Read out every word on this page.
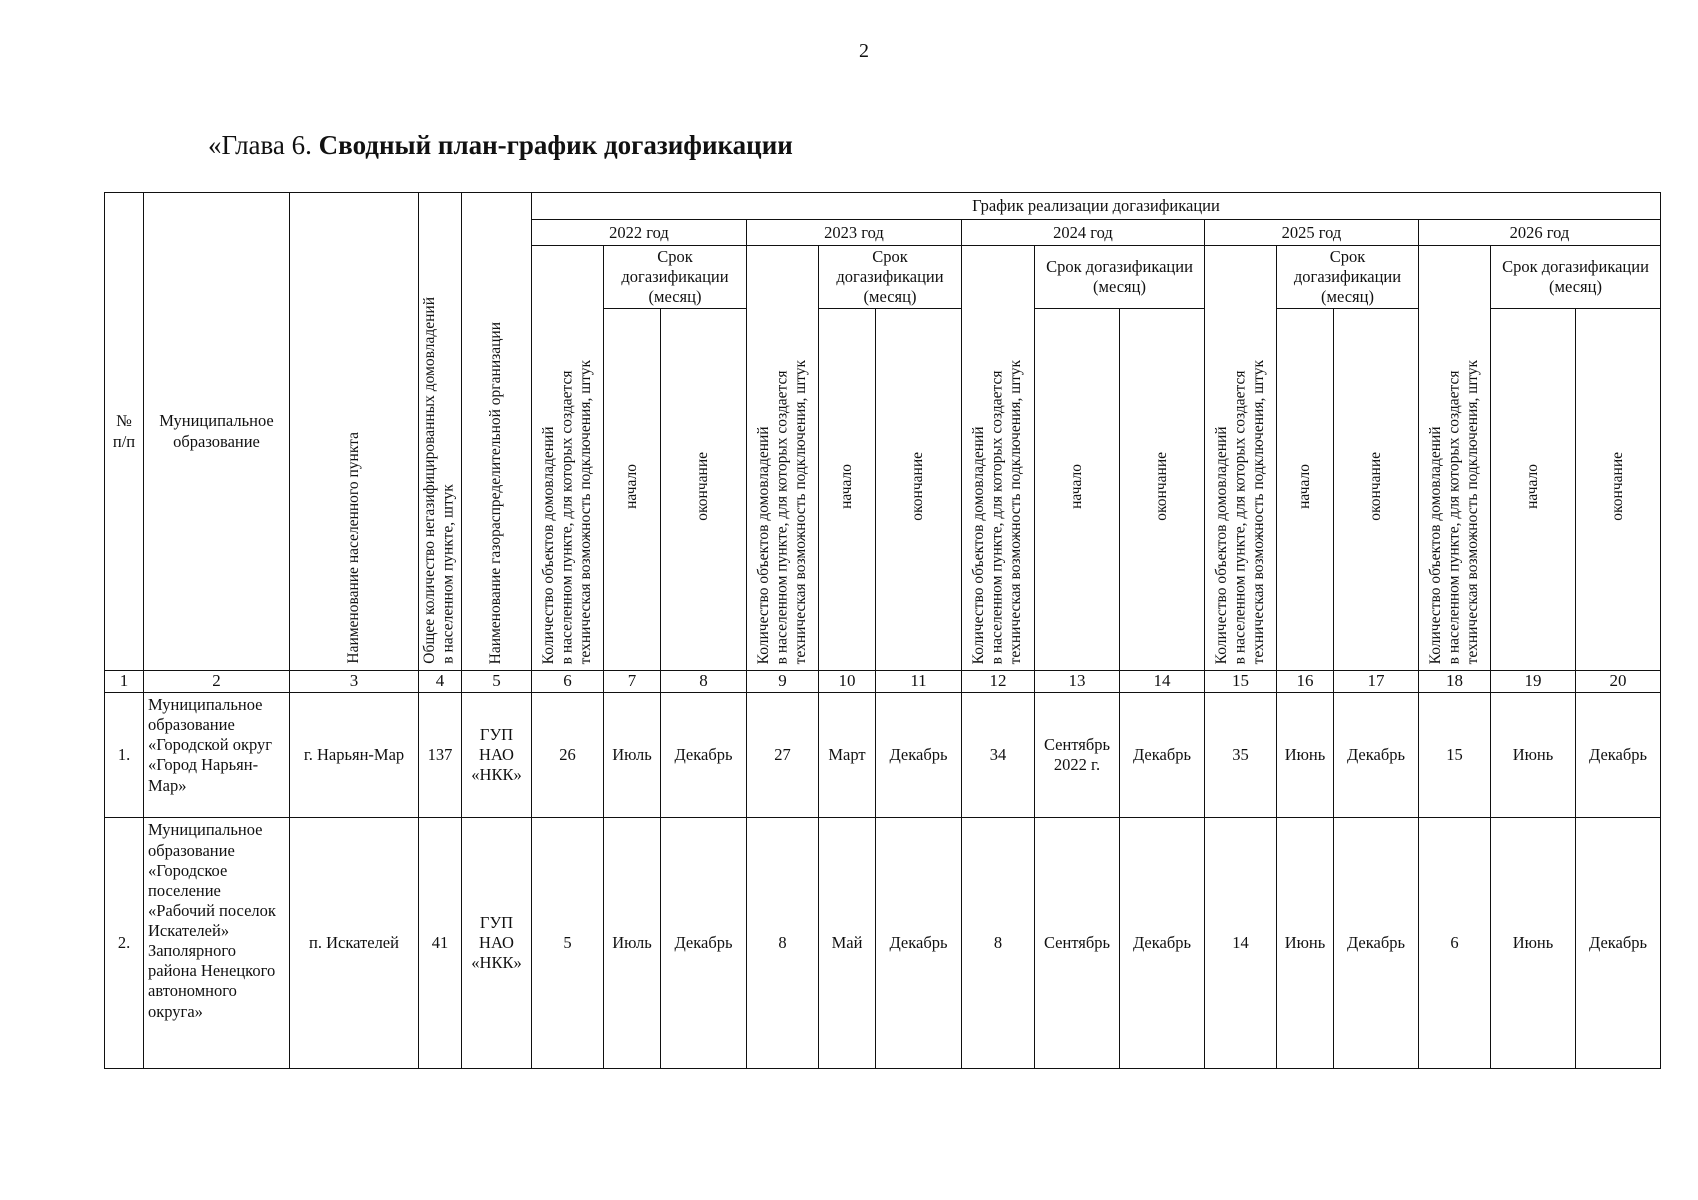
2
«Глава 6. Сводный план-график догазификации
№
п/п	Муниципальное образование	Наименование населенного пункта	Общее количество негазифицированных домовладений
в населенном пункте, штук	Наименование газораспределительной организации	График реализации догазификации														
					2022 год			2023 год			2024 год			2025 год			2026 год		

					Количество объектов домовладений
в населенном пункте, для которых создается
техническая возможность подключения, штук	Срок догазификации (месяц)		Количество объектов домовладений
в населенном пункте, для которых создается
техническая возможность подключения, штук	Срок догазификации (месяц)		Количество объектов домовладений
в населенном пункте, для которых создается
техническая возможность подключения, штук	Срок догазификации (месяц)		Количество объектов домовладений
в населенном пункте, для которых создается
техническая возможность подключения, штук	Срок догазификации (месяц)		Количество объектов домовладений
в населенном пункте, для которых создается
техническая возможность подключения, штук	Срок догазификации (месяц)	

						начало	окончание		начало	окончание		начало	окончание		начало	окончание		начало	окончание

1	2	3	4	5	6	7	8	9	10	11	12	13	14	15	16	17	18	19	20
1.	Муниципальное образование «Городской округ «Город Нарьян-Мар»	г. Нарьян-Мар	137	ГУП НАО «НКК»	26	Июль	Декабрь	27	Март	Декабрь	34	Сентябрь 2022 г.	Декабрь	35	Июнь	Декабрь	15	Июнь	Декабрь
2.	Муниципальное образование «Городское поселение «Рабочий поселок Искателей» Заполярного района Ненецкого автономного округа»	п. Искателей	41	ГУП НАО «НКК»	5	Июль	Декабрь	8	Май	Декабрь	8	Сентябрь	Декабрь	14	Июнь	Декабрь	6	Июнь	Декабрь
